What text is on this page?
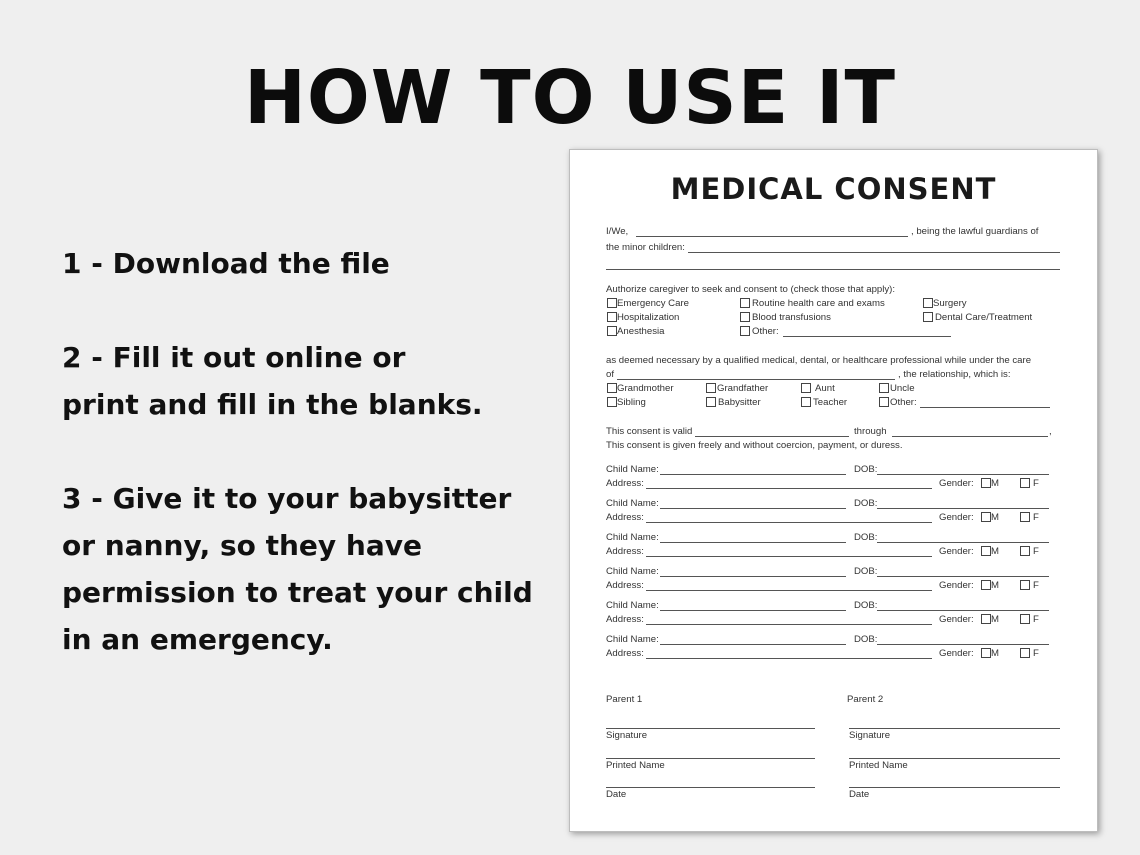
HOW TO USE IT
1 - Download the file
2 - Fill it out online or
print and fill in the blanks.
3 - Give it to your babysitter
or nanny, so they have
permission to treat your child
in an emergency.
MEDICAL CONSENT
I/We,	, being the lawful guardians of
the minor children:
Authorize caregiver to seek and consent to (check those that apply):
Emergency Care	Routine health care and exams	Surgery
Hospitalization	Blood transfusions	Dental Care/Treatment
Anesthesia	Other:
as deemed necessary by a qualified medical, dental, or healthcare professional while under the care
of	, the relationship, which is:
Grandmother	Grandfather	Aunt	Uncle
Sibling	Babysitter	Teacher	Other:
This consent is valid	through	,
This consent is given freely and without coercion, payment, or duress.
Child Name:	DOB:
Address:	Gender: M	F
Child Name:	DOB:
Address:	Gender: M	F
Child Name:	DOB:
Address:	Gender: M	F
Child Name:	DOB:
Address:	Gender: M	F
Child Name:	DOB:
Address:	Gender: M	F
Child Name:	DOB:
Address:	Gender: M	F
Parent 1	Parent 2
Signature	Signature
Printed Name	Printed Name
Date	Date
